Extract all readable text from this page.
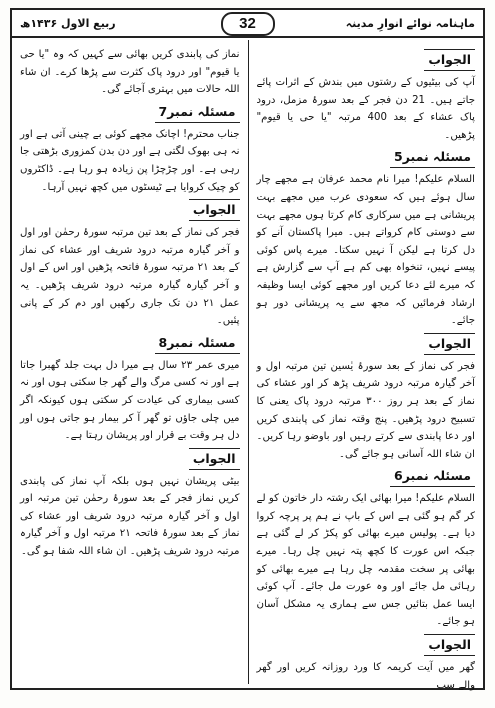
ربیع الاول ۱۴۳۶ھ	32	ماہنامہ نوائے انوارِ مدینہ
الجواب

آپ کی بیٹیوں کے رشتوں میں بندش کے اثرات پائے جاتے ہیں۔ 21 دن فجر کے بعد سورۂ مزمل، درود پاک عشاء کے بعد 400 مرتبہ "یا حی یا قیوم" پڑھیں۔

مسئلہ نمبر5

السلام علیکم! میرا نام محمد عرفان ہے مجھے چار سال ہوئے ہیں کہ سعودی عرب میں مجھے بہت پریشانی ہے میں سرکاری کام کرتا ہوں مجھے بہت سے دوستی کام کرواتے ہیں۔ میرا پاکستان آنے کو دل کرتا ہے لیکن آ نہیں سکتا۔ میرے پاس کوئی پیسے نہیں، تنخواہ بھی کم ہے آپ سے گزارش ہے کہ میرے لئے دعا کریں اور مجھے کوئی ایسا وظیفہ ارشاد فرمائیں کہ مجھ سے یہ پریشانی دور ہو جائے۔

الجواب

فجر کی نماز کے بعد سورۂ یٰسین تین مرتبہ اول و آخر گیارہ مرتبہ درود شریف پڑھ کر اور عشاء کی نماز کے بعد ہر روز ۳۰۰ مرتبہ درود پاک یعنی کا تسبیح درود پڑھیں۔ پنج وقتہ نماز کی پابندی کریں اور دعا پابندی سے کرتے رہیں اور باوضو رہا کریں۔ ان شاء اللہ آسانی ہو جائے گی۔

مسئلہ نمبر6

السلام علیکم! میرا بھائی ایک رشتہ دار خاتون کو لے کر گم ہو گئی ہے اس کے باپ نے ہم پر پرچہ کروا دیا ہے۔ پولیس میرے بھائی کو پکڑ کر لے گئی ہے جبکہ اس عورت کا کچھ پتہ نہیں چل رہا۔ میرے بھائی پر سخت مقدمہ چل رہا ہے میرے بھائی کو رہائی مل جائے اور وہ عورت مل جائے۔ آپ کوئی ایسا عمل بتائیں جس سے ہماری یہ مشکل آسان ہو جائے۔

الجواب

گھر میں آیت کریمہ کا ورد روزانہ کریں اور گھر والے سب

نماز کی پابندی کریں بھائی سے کہیں کہ وہ "یا حی یا قیوم" اور درود پاک کثرت سے پڑھا کرے۔ ان شاء اللہ حالات میں بہتری آجائے گی۔

مسئلہ نمبر7

جناب محترم! اچانک مجھے کوئی بے چینی آتی ہے اور نہ ہی بھوک لگتی ہے اور دن بدن کمزوری بڑھتی جا رہی ہے۔ اور چڑچڑا پن زیادہ ہو رہا ہے۔ ڈاکٹروں کو چیک کروایا ہے ٹیسٹوں میں کچھ نہیں آرہا۔

الجواب

فجر کی نماز کے بعد تین مرتبہ سورۂ رحمٰن اور اول و آخر گیارہ مرتبہ درود شریف اور عشاء کی نماز کے بعد ۲۱ مرتبہ سورۂ فاتحہ پڑھیں اور اس کے اول و آخر گیارہ گیارہ مرتبہ درود شریف پڑھیں۔ یہ عمل ۲۱ دن تک جاری رکھیں اور دم کر کے پانی پئیں۔

مسئلہ نمبر8

میری عمر ۲۳ سال ہے میرا دل بہت جلد گھبرا جاتا ہے اور نہ کسی مرگ والے گھر جا سکتی ہوں اور نہ کسی بیماری کی عیادت کر سکتی ہوں کیونکہ اگر میں چلی جاؤں تو گھر آ کر بیمار ہو جاتی ہوں اور دل ہر وقت بے قرار اور پریشان رہتا ہے۔

الجواب

بیٹی پریشان نہیں ہوں بلکہ آپ نماز کی پابندی کریں نماز فجر کے بعد سورۂ رحمٰن تین مرتبہ اور اول و آخر گیارہ مرتبہ درود شریف اور عشاء کی نماز کے بعد سورۂ فاتحہ ۲۱ مرتبہ اول و آخر گیارہ مرتبہ درود شریف پڑھیں۔ ان شاء اللہ شفا ہو گی۔
